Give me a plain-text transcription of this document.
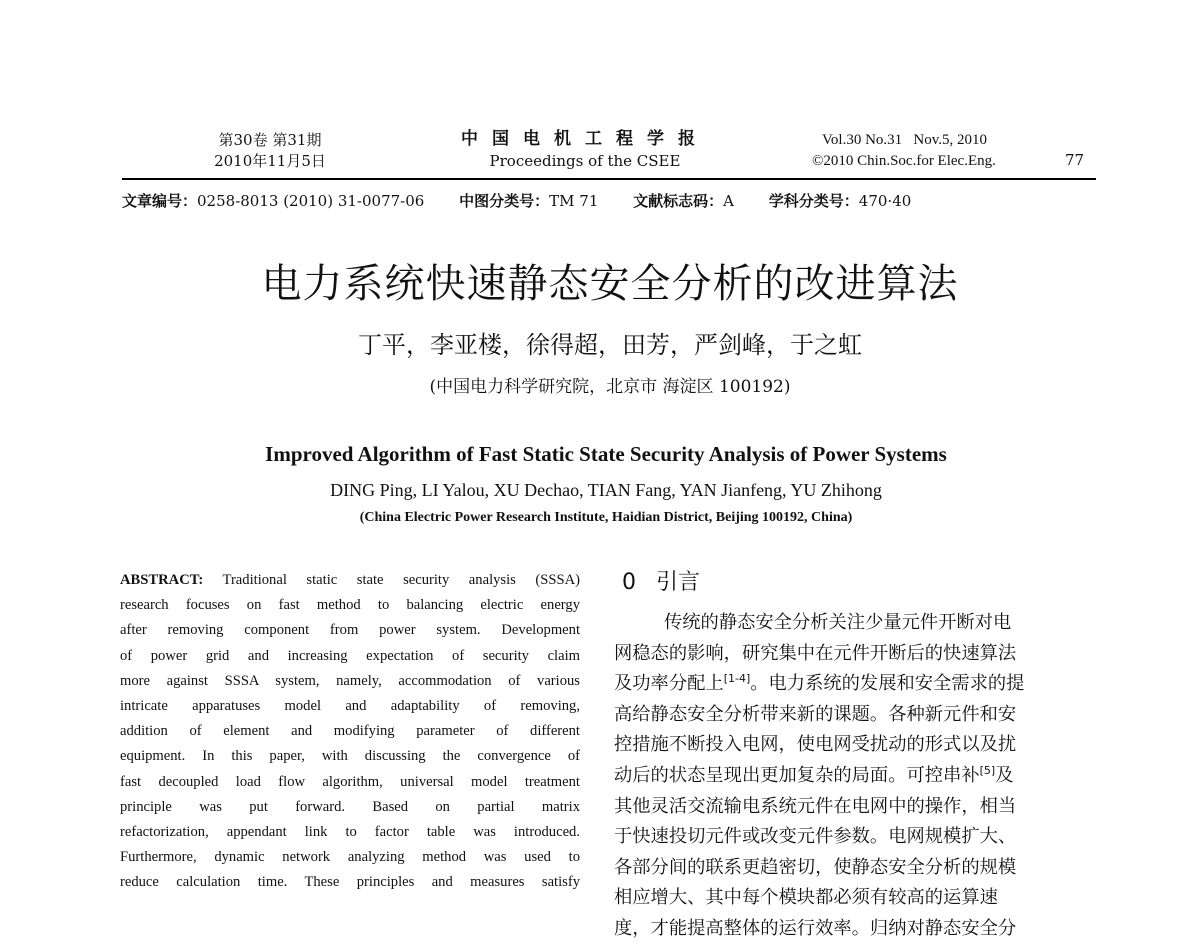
第30卷 第31期
2010年11月5日
中国电机工程学报
Proceedings of the CSEE
Vol.30 No.31   Nov.5, 2010
©2010 Chin.Soc.for Elec.Eng.	77
文章编号：0258-8013 (2010) 31-0077-06 中图分类号：TM 71 文献标志码：A 学科分类号：470·40
电力系统快速静态安全分析的改进算法
丁平，李亚楼，徐得超，田芳，严剑峰，于之虹
(中国电力科学研究院，北京市 海淀区 100192)
Improved Algorithm of Fast Static State Security Analysis of Power Systems
DING Ping, LI Yalou, XU Dechao, TIAN Fang, YAN Jianfeng, YU Zhihong
(China Electric Power Research Institute, Haidian District, Beijing 100192, China)
ABSTRACT: Traditional static state security analysis (SSSA)
research focuses on fast method to balancing electric energy
after removing component from power system. Development
of power grid and increasing expectation of security claim
more against SSSA system, namely, accommodation of various
intricate apparatuses model and adaptability of removing,
addition of element and modifying parameter of different
equipment. In this paper, with discussing the convergence of
fast decoupled load flow algorithm, universal model treatment
principle was put forward. Based on partial matrix
refactorization, appendant link to factor table was introduced.
Furthermore, dynamic network analyzing method was used to
reduce calculation time. These principles and measures satisfy
0 引言
传统的静态安全分析关注少量元件开断对电
网稳态的影响，研究集中在元件开断后的快速算法
及功率分配上[1-4]。电力系统的发展和安全需求的提
高给静态安全分析带来新的课题。各种新元件和安
控措施不断投入电网，使电网受扰动的形式以及扰
动后的状态呈现出更加复杂的局面。可控串补[5]及
其他灵活交流输电系统元件在电网中的操作，相当
于快速投切元件或改变元件参数。电网规模扩大、
各部分间的联系更趋密切，使静态安全分析的规模
相应增大、其中每个模块都必须有较高的运算速
度，才能提高整体的运行效率。归纳对静态安全分
